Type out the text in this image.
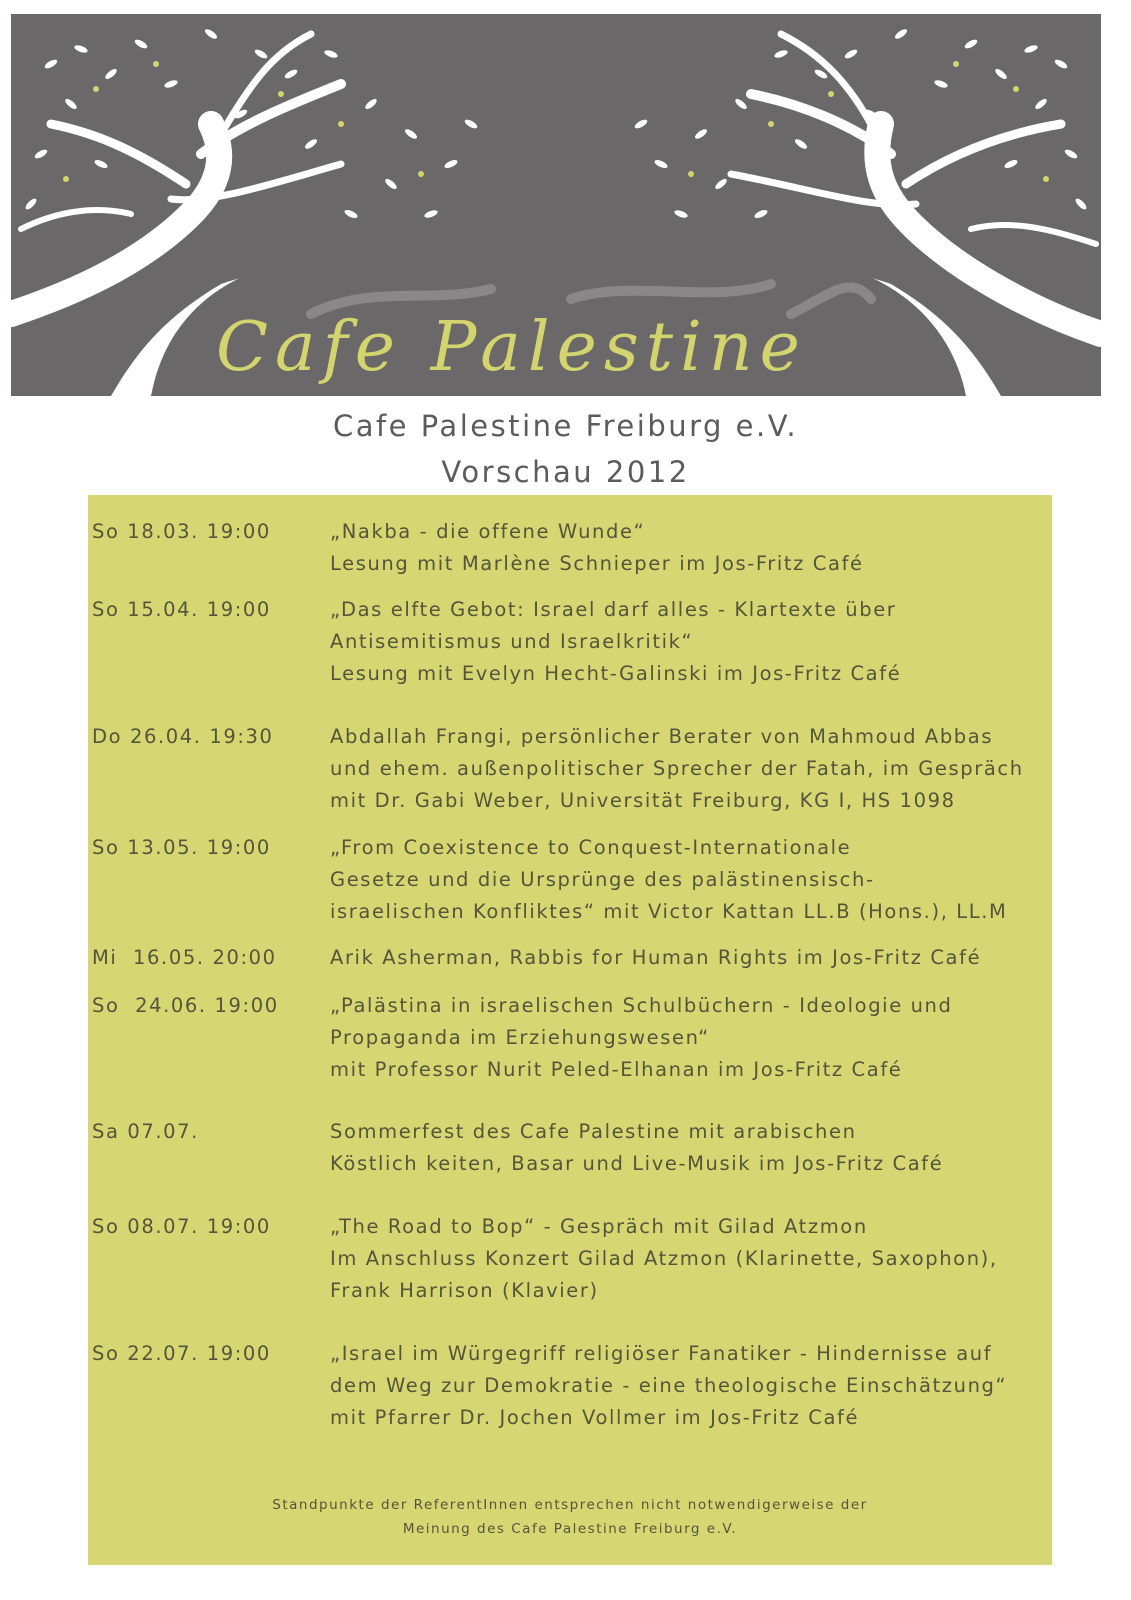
Cafe Palestine
Cafe Palestine Freiburg e.V.
Vorschau 2012
So 18.03. 19:00	„Nakba - die offene Wunde“
Lesung mit Marlène Schnieper im Jos-Fritz Café
So 15.04. 19:00	„Das elfte Gebot: Israel darf alles - Klartexte über
Antisemitismus und Israelkritik“
Lesung mit Evelyn Hecht-Galinski im Jos-Fritz Café
Do 26.04. 19:30	Abdallah Frangi, persönlicher Berater von Mahmoud Abbas
und ehem. außenpolitischer Sprecher der Fatah, im Gespräch
mit Dr. Gabi Weber, Universität Freiburg, KG I, HS 1098
So 13.05. 19:00	„From Coexistence to Conquest-Internationale
Gesetze und die Ursprünge des palästinensisch-
israelischen Konfliktes“ mit Victor Kattan LL.B (Hons.), LL.M
Mi  16.05. 20:00	Arik Asherman, Rabbis for Human Rights im Jos-Fritz Café
So  24.06. 19:00	„Palästina in israelischen Schulbüchern - Ideologie und
Propaganda im Erziehungswesen“
mit Professor Nurit Peled-Elhanan im Jos-Fritz Café
Sa 07.07.	Sommerfest des Cafe Palestine mit arabischen
Köstlich keiten, Basar und Live-Musik im Jos-Fritz Café
So 08.07. 19:00	„The Road to Bop“ - Gespräch mit Gilad Atzmon
Im Anschluss Konzert Gilad Atzmon (Klarinette, Saxophon),
Frank Harrison (Klavier)
So 22.07. 19:00	„Israel im Würgegriff religiöser Fanatiker - Hindernisse auf
dem Weg zur Demokratie - eine theologische Einschätzung“
mit Pfarrer Dr. Jochen Vollmer im Jos-Fritz Café
Standpunkte der ReferentInnen entsprechen nicht notwendigerweise der
Meinung des Cafe Palestine Freiburg e.V.
